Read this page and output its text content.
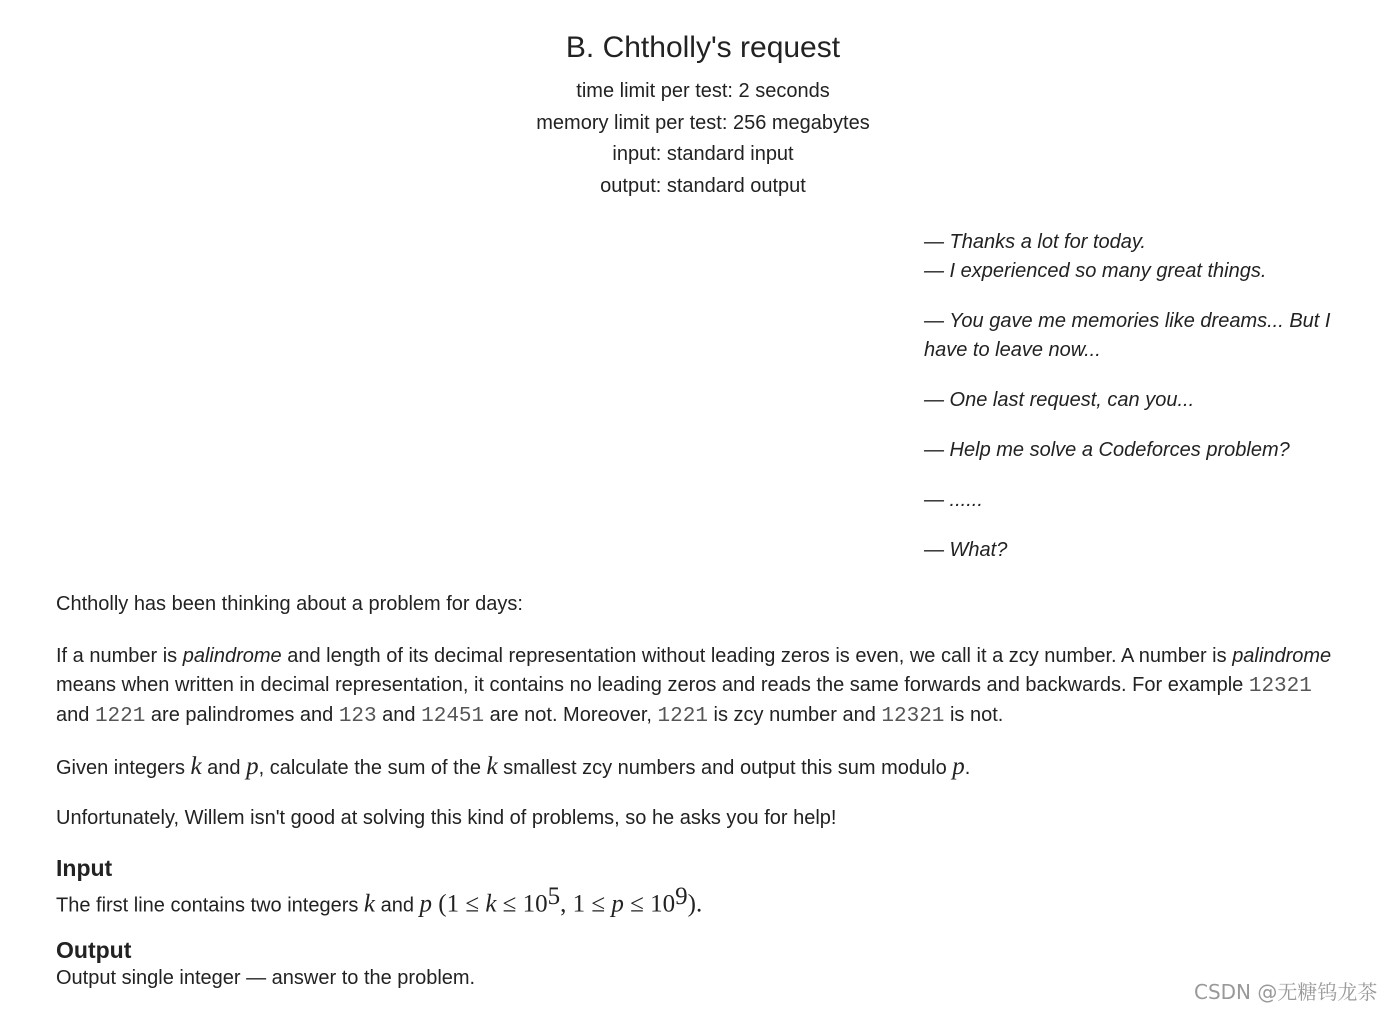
B. Chtholly's request
time limit per test: 2 seconds
memory limit per test: 256 megabytes
input: standard input
output: standard output

— Thanks a lot for today.

— I experienced so many great things.

— You gave me memories like dreams... But I have to leave now...

— One last request, can you...

— Help me solve a Codeforces problem?

— ......

— What?

Chtholly has been thinking about a problem for days:

If a number is palindrome and length of its decimal representation without leading zeros is even, we call it a zcy number. A number is palindrome means when written in decimal representation, it contains no leading zeros and reads the same forwards and backwards. For example 12321 and 1221 are palindromes and 123 and 12451 are not. Moreover, 1221 is zcy number and 12321 is not.

Given integers k and p, calculate the sum of the k smallest zcy numbers and output this sum modulo p.

Unfortunately, Willem isn't good at solving this kind of problems, so he asks you for help!

Input

The first line contains two integers k and p ($1 \le k \le 10^5$, $1 \le p \le 10^9$).

Output

Output single integer — answer to the problem.

CSDN @无糖钨龙茶
